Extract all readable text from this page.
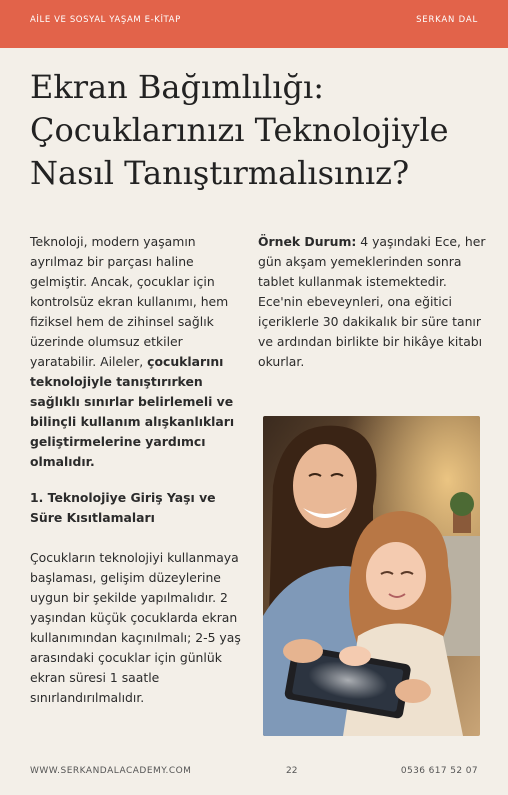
AİLE VE SOSYAL YAŞAM E-KİTAP	SERKAN DAL
Ekran Bağımlılığı:
Çocuklarınızı Teknolojiyle
Nasıl Tanıştırmalısınız?

Teknoloji, modern yaşamın ayrılmaz bir parçası haline gelmiştir. Ancak, çocuklar için kontrolsüz ekran kullanımı, hem fiziksel hem de zihinsel sağlık üzerinde olumsuz etkiler yaratabilir. Aileler, çocuklarını teknolojiyle tanıştırırken sağlıklı sınırlar belirlemeli ve bilinçli kullanım alışkanlıkları geliştirmelerine yardımcı olmalıdır.

1. Teknolojiye Giriş Yaşı ve Süre Kısıtlamaları
Çocukların teknolojiyi kullanmaya başlaması, gelişim düzeylerine uygun bir şekilde yapılmalıdır. 2 yaşından küçük çocuklarda ekran kullanımından kaçınılmalı; 2-5 yaş arasındaki çocuklar için günlük ekran süresi 1 saatle sınırlandırılmalıdır.
Örnek Durum: 4 yaşındaki Ece, her gün akşam yemeklerinden sonra tablet kullanmak istemektedir. Ece'nin ebeveynleri, ona eğitici içeriklerle 30 dakikalık bir süre tanır ve ardından birlikte bir hikâye kitabı okurlar.
WWW.SERKANDALACADEMY.COM	22	0536 617 52 07
